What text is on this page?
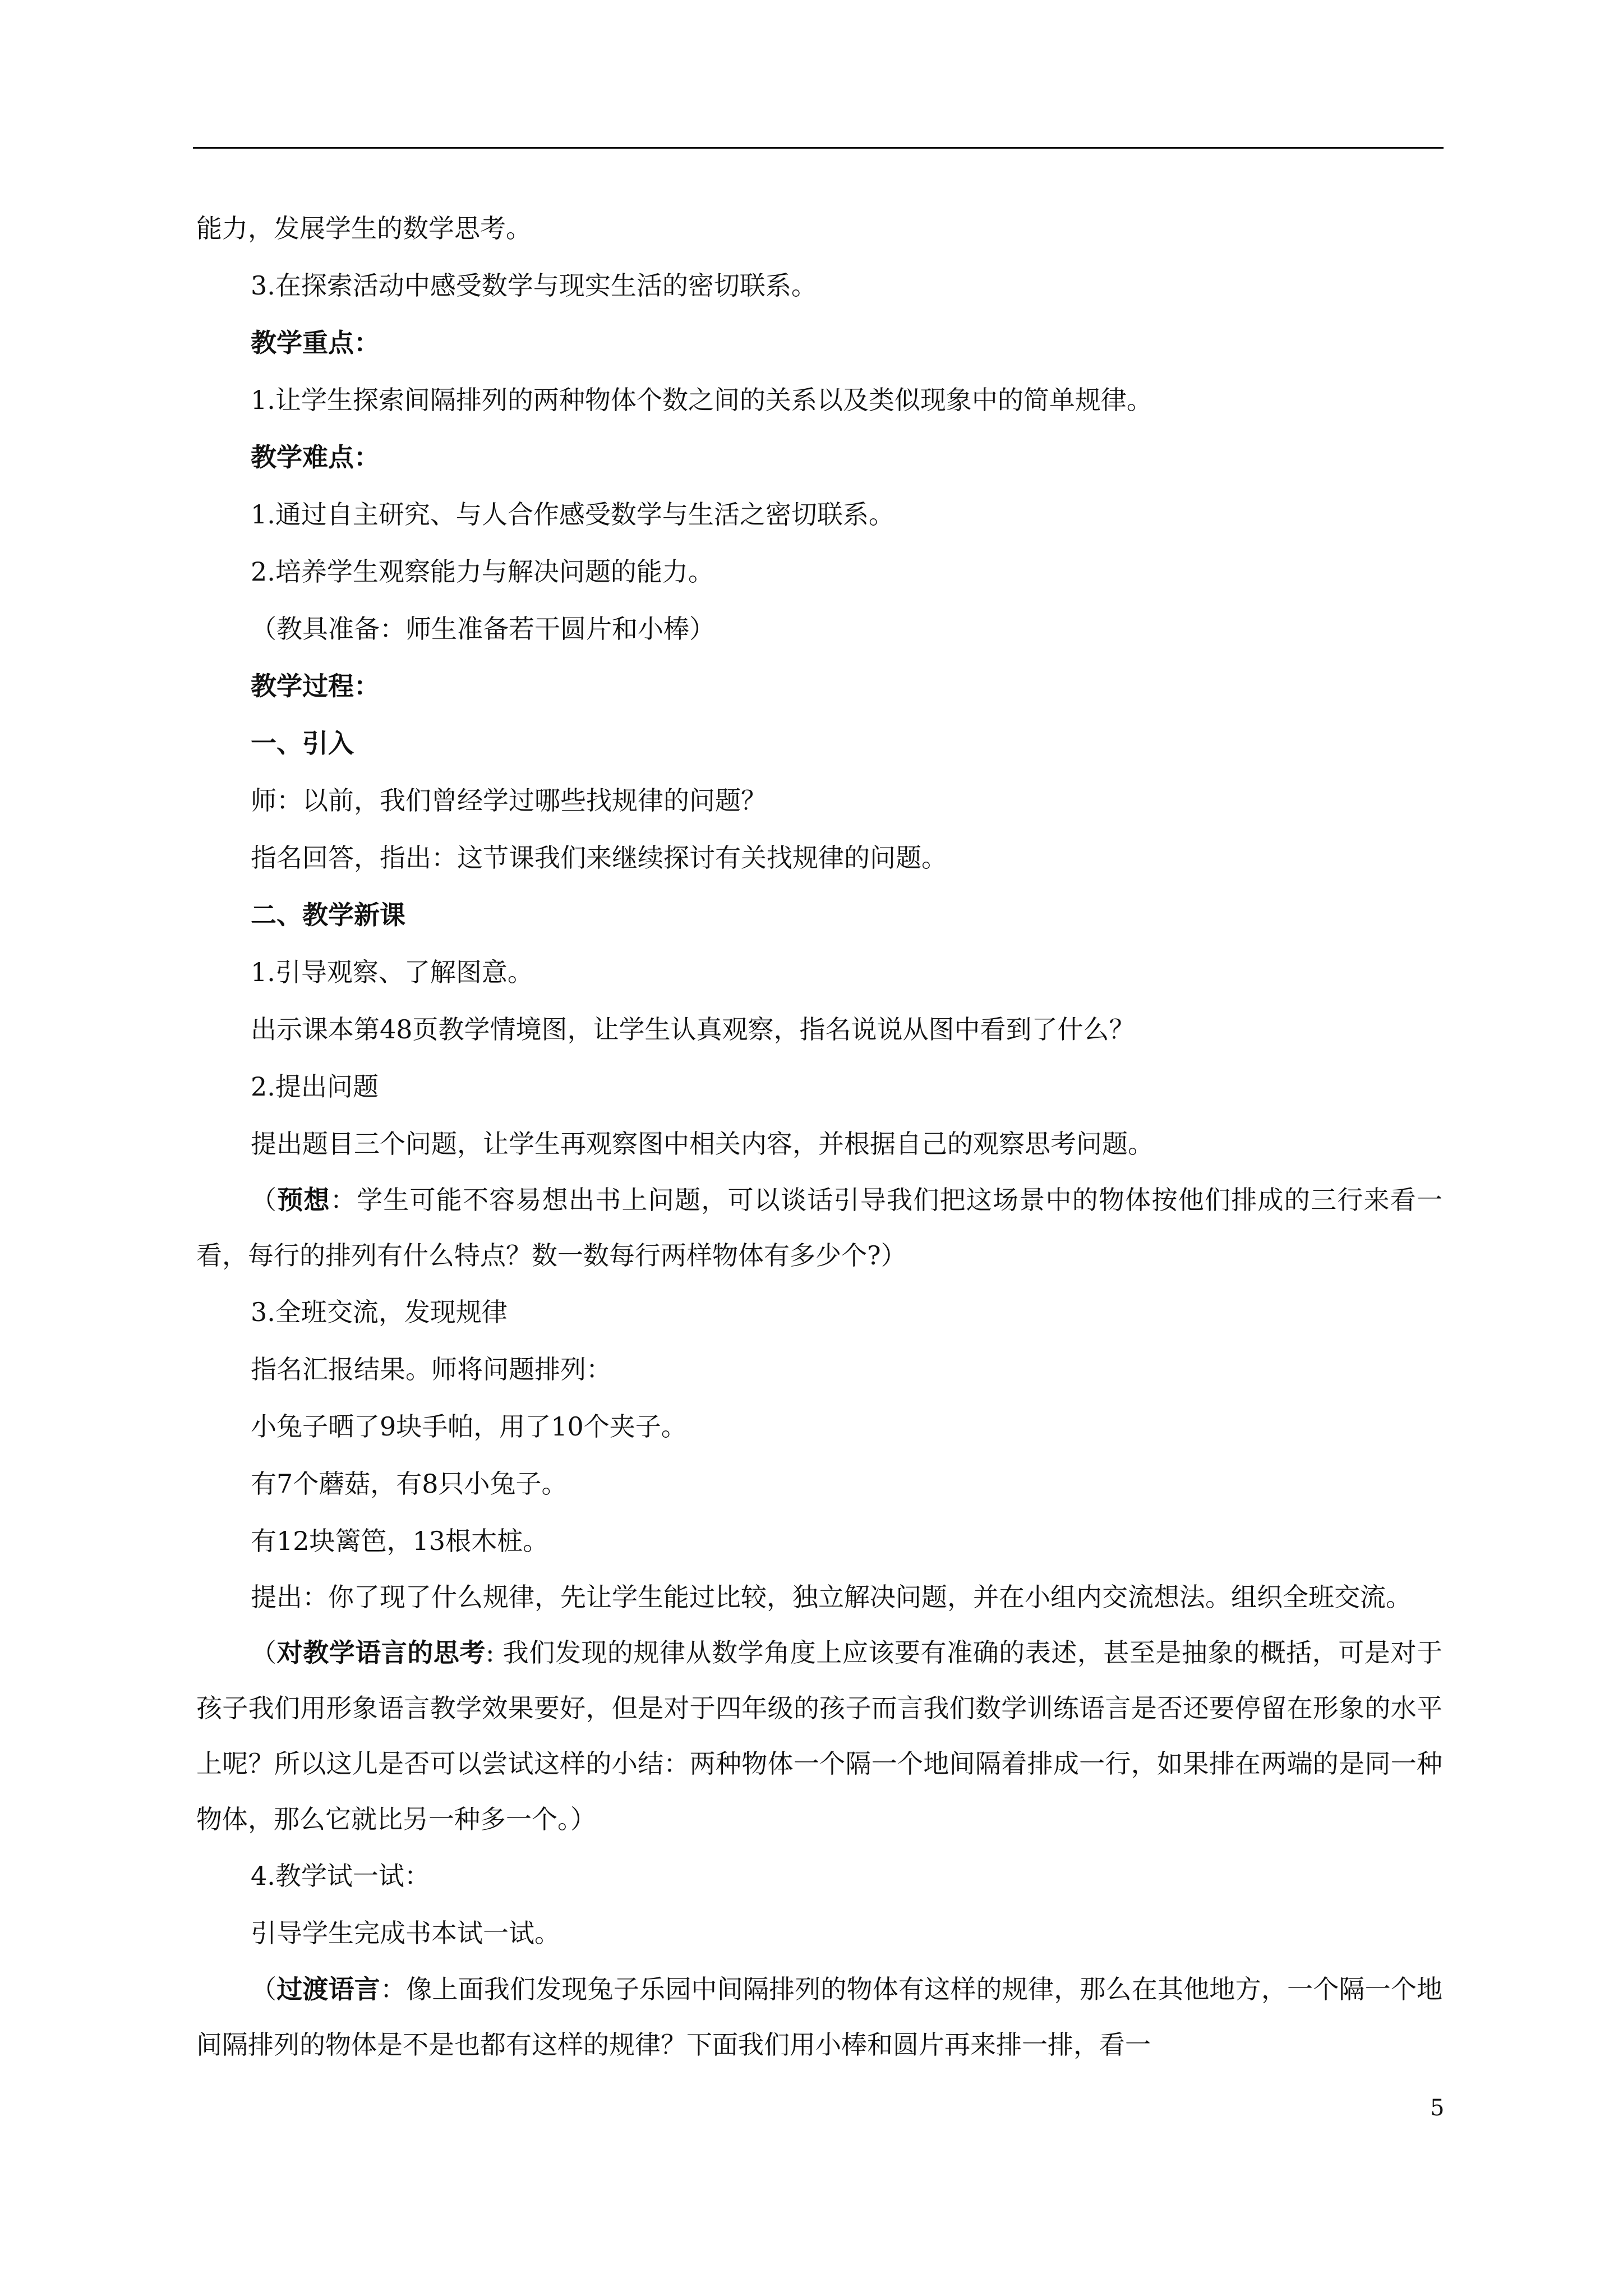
能力，发展学生的数学思考。

3.在探索活动中感受数学与现实生活的密切联系。

教学重点：

1.让学生探索间隔排列的两种物体个数之间的关系以及类似现象中的简单规律。

教学难点：

1.通过自主研究、与人合作感受数学与生活之密切联系。

2.培养学生观察能力与解决问题的能力。

（教具准备：师生准备若干圆片和小棒）

教学过程：

一、引入

师：以前，我们曾经学过哪些找规律的问题？

指名回答，指出：这节课我们来继续探讨有关找规律的问题。

二、教学新课

1.引导观察、了解图意。

出示课本第48页教学情境图，让学生认真观察，指名说说从图中看到了什么？

2.提出问题

提出题目三个问题，让学生再观察图中相关内容，并根据自己的观察思考问题。

（预想：学生可能不容易想出书上问题，可以谈话引导我们把这场景中的物体按他们排成的三行来看一看，每行的排列有什么特点？数一数每行两样物体有多少个?）

3.全班交流，发现规律

指名汇报结果。师将问题排列：

小兔子晒了9块手帕，用了10个夹子。

有7个蘑菇，有8只小兔子。

有12块篱笆，13根木桩。

提出：你了现了什么规律，先让学生能过比较，独立解决问题，并在小组内交流想法。组织全班交流。

（对教学语言的思考: 我们发现的规律从数学角度上应该要有准确的表述，甚至是抽象的概括，可是对于孩子我们用形象语言教学效果要好，但是对于四年级的孩子而言我们数学训练语言是否还要停留在形象的水平上呢？所以这儿是否可以尝试这样的小结：两种物体一个隔一个地间隔着排成一行，如果排在两端的是同一种物体，那么它就比另一种多一个。）

4.教学试一试：

引导学生完成书本试一试。

（过渡语言：像上面我们发现兔子乐园中间隔排列的物体有这样的规律，那么在其他地方，一个隔一个地间隔排列的物体是不是也都有这样的规律？下面我们用小棒和圆片再来排一排，看一

5
